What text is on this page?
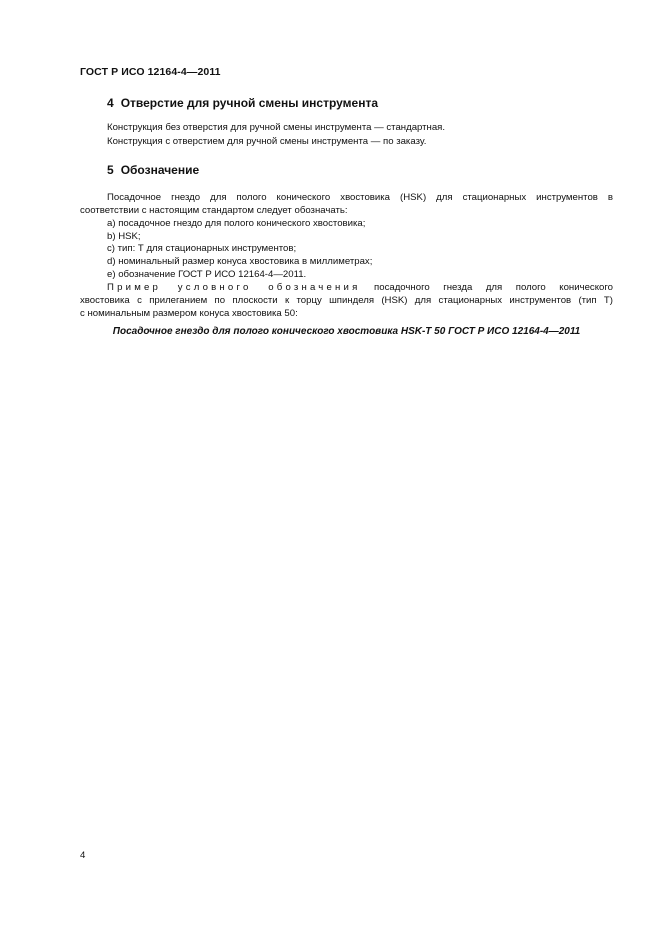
ГОСТ Р ИСО 12164-4—2011
4 Отверстие для ручной смены инструмента
Конструкция без отверстия для ручной смены инструмента — стандартная.
Конструкция с отверстием для ручной смены инструмента — по заказу.
5 Обозначение
Посадочное гнездо для полого конического хвостовика (HSK) для стационарных инструментов в
соответствии с настоящим стандартом следует обозначать:
a) посадочное гнездо для полого конического хвостовика;
b) HSK;
c) тип: Т для стационарных инструментов;
d) номинальный размер конуса хвостовика в миллиметрах;
e) обозначение ГОСТ Р ИСО 12164-4—2011.
Пример условного обозначения посадочного гнезда для полого конического
хвостовика с прилеганием по плоскости к торцу шпинделя (HSK) для стационарных инструментов (тип Т)
с номинальным размером конуса хвостовика 50:
Посадочное гнездо для полого конического хвостовика HSK-T 50 ГОСТ Р ИСО 12164-4—2011
4
